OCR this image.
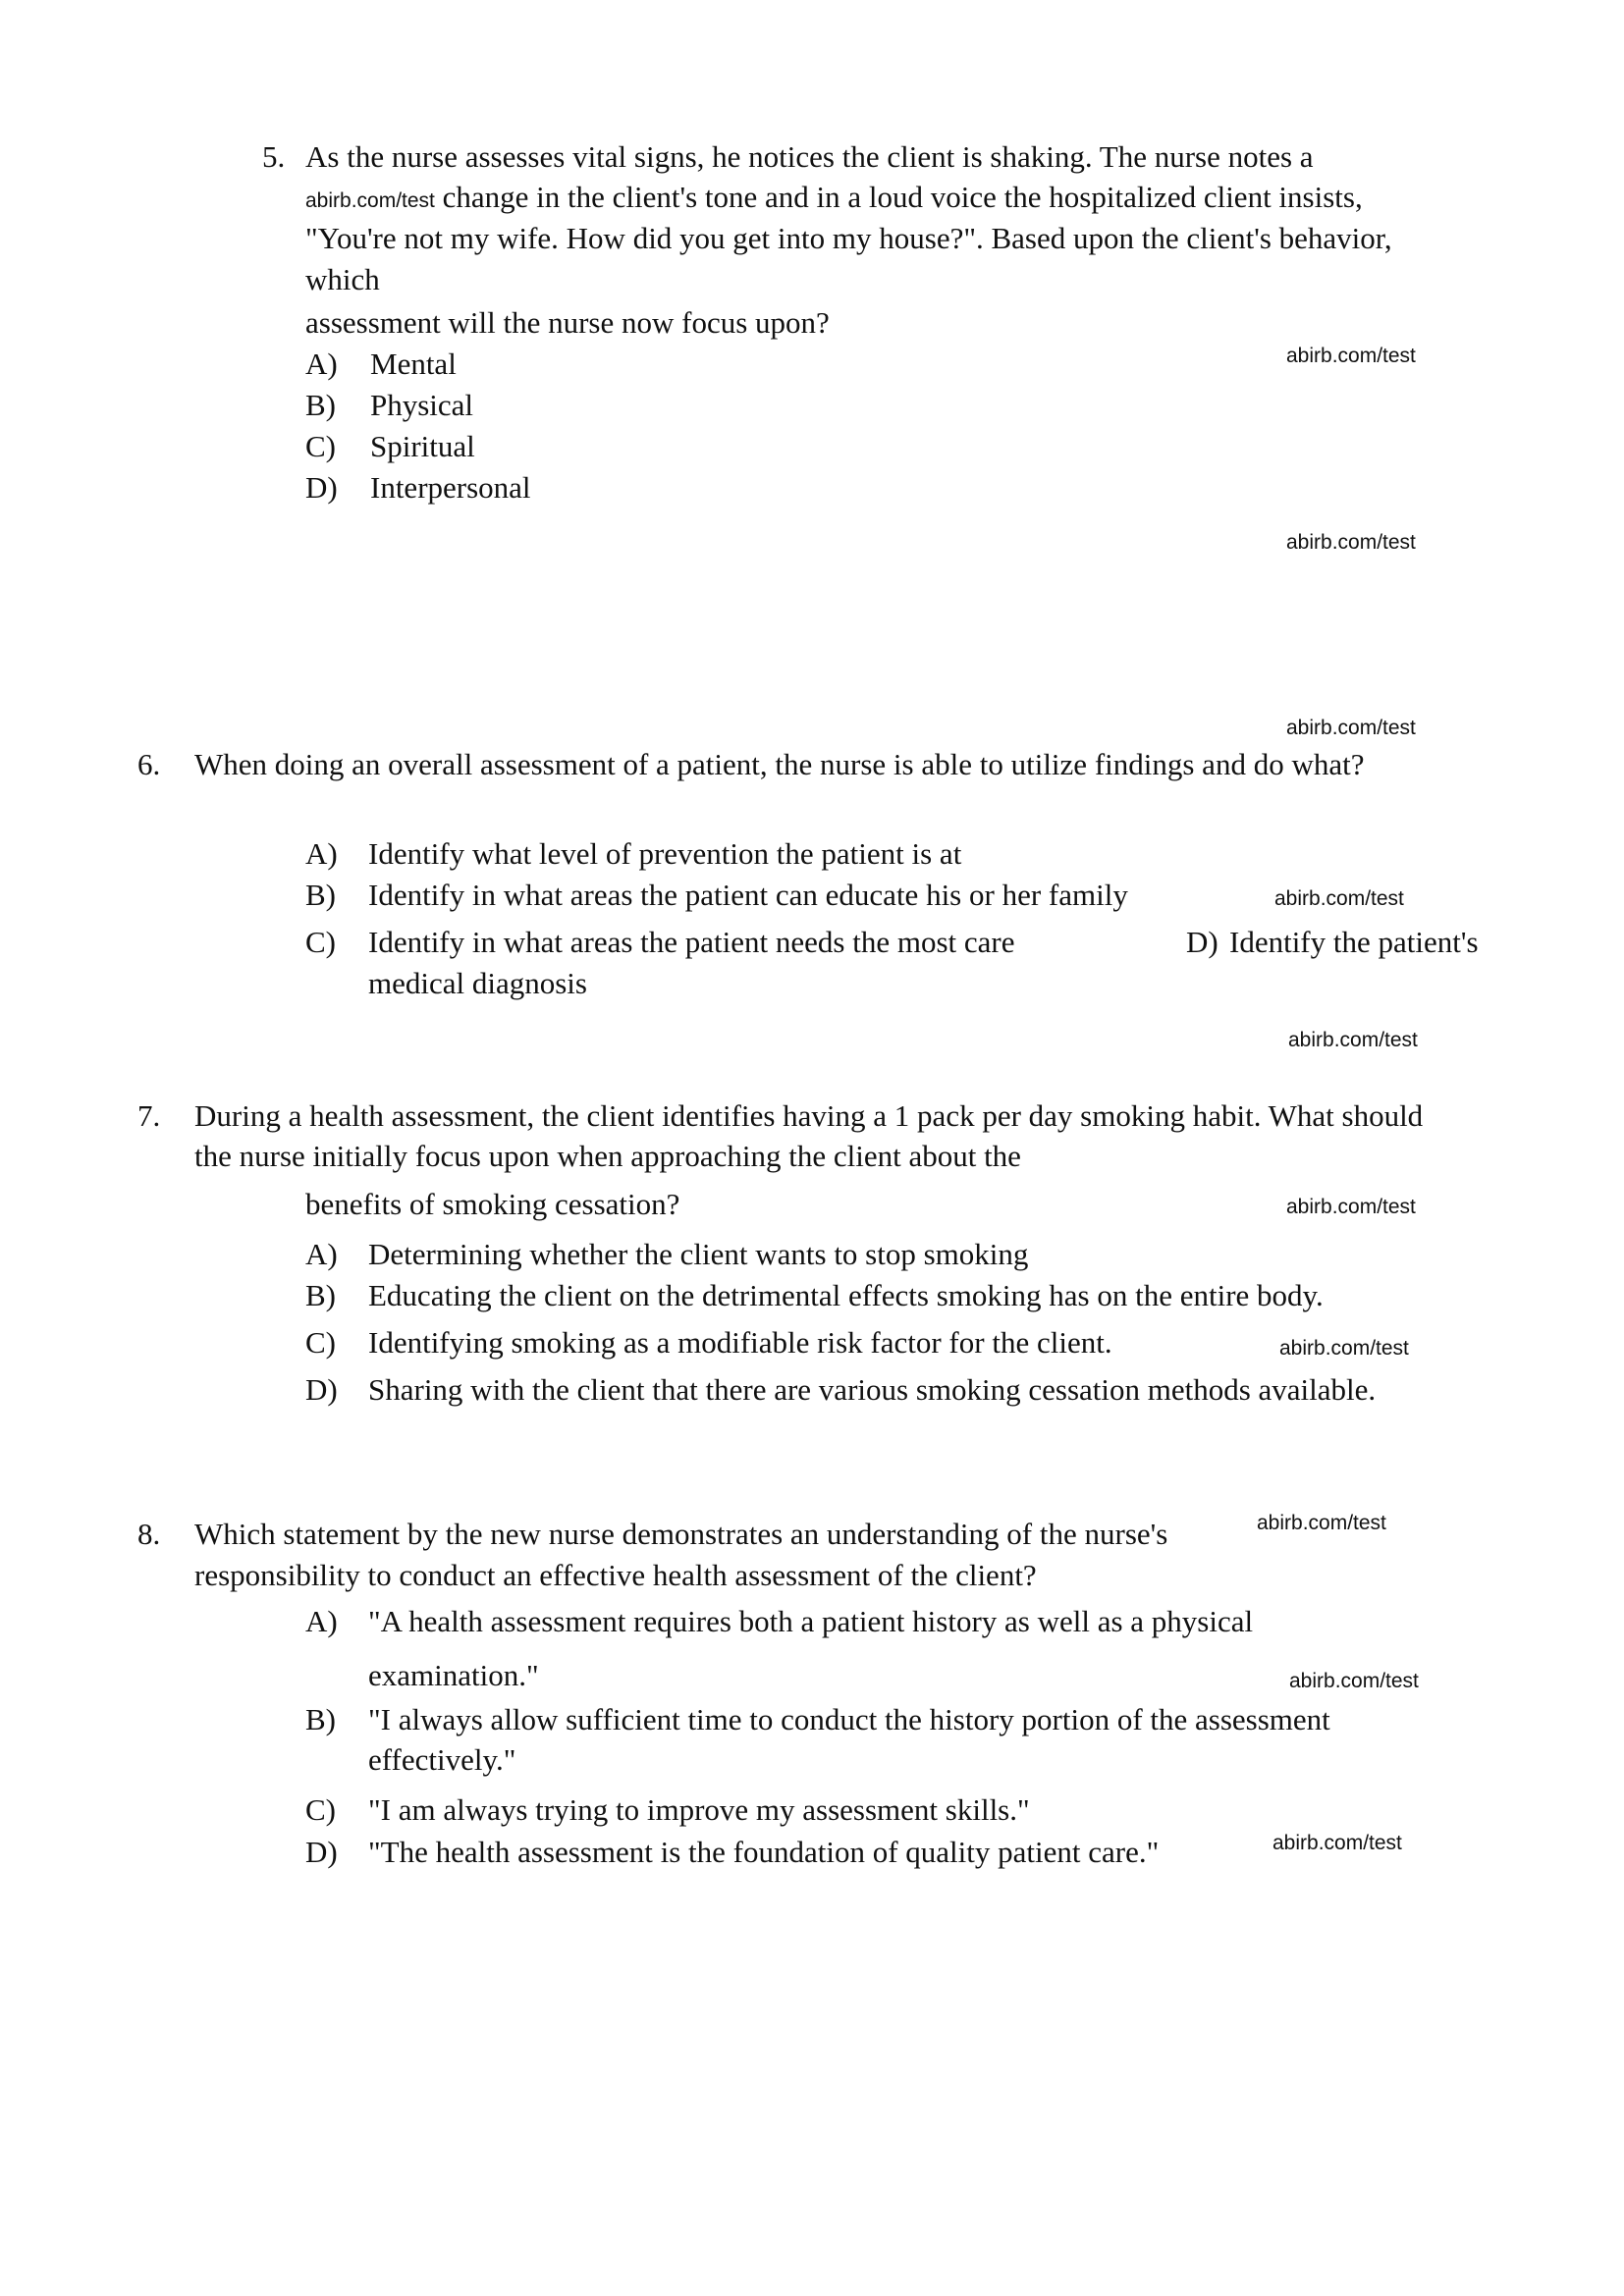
5. As the nurse assesses vital signs, he notices the client is shaking. The nurse notes a
abirb.com/test change in the client's tone and in a loud voice the hospitalized client insists,
"You're not my wife. How did you get into my house?". Based upon the client's behavior,
which
assessment will the nurse now focus upon?
A) Mental
B) Physical
C) Spiritual
D) Interpersonal
abirb.com/test
abirb.com/test
abirb.com/test
6. When doing an overall assessment of a patient, the nurse is able to utilize findings and do what?
A) Identify what level of prevention the patient is at
B) Identify in what areas the patient can educate his or her family
C) Identify in what areas the patient needs the most care	D) Identify the patient's
medical diagnosis
abirb.com/test
abirb.com/test
7. During a health assessment, the client identifies having a 1 pack per day smoking habit. What should
the nurse initially focus upon when approaching the client about the
benefits of smoking cessation?
A) Determining whether the client wants to stop smoking
B) Educating the client on the detrimental effects smoking has on the entire body.
C) Identifying smoking as a modifiable risk factor for the client.
D) Sharing with the client that there are various smoking cessation methods available.
abirb.com/test
abirb.com/test
8. Which statement by the new nurse demonstrates an understanding of the nurse's
responsibility to conduct an effective health assessment of the client?
A) "A health assessment requires both a patient history as well as a physical
examination."
B) "I always allow sufficient time to conduct the history portion of the assessment
effectively."
C) "I am always trying to improve my assessment skills."
D) "The health assessment is the foundation of quality patient care."
abirb.com/test
abirb.com/test
abirb.com/test
